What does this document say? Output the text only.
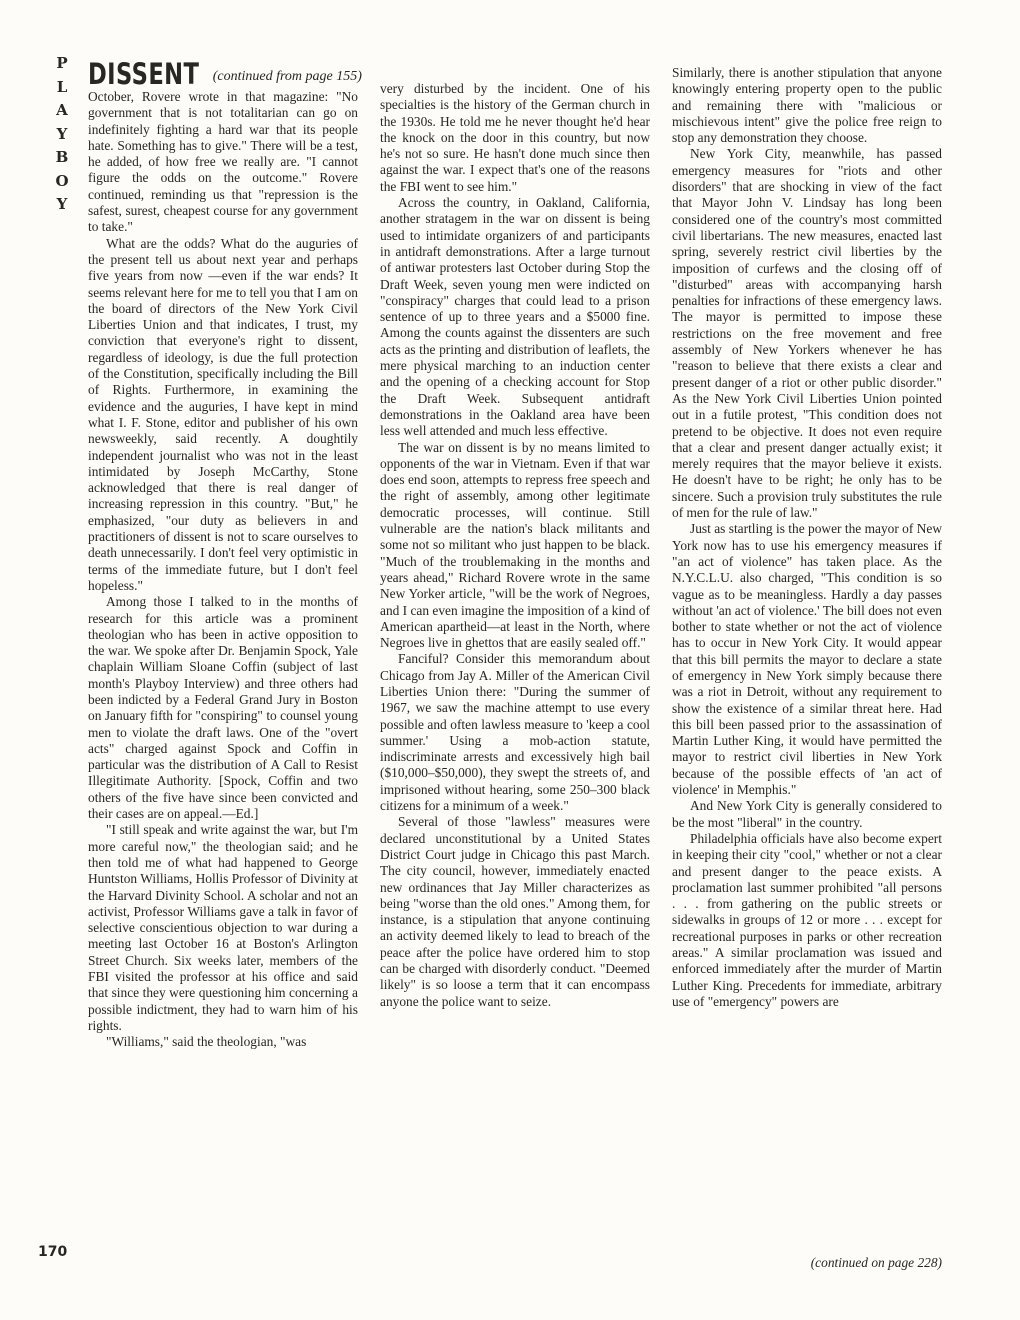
P
L
A
Y
B
O
Y
DISSENT (continued from page 155)

October, Rovere wrote in that magazine: "No government that is not totalitarian can go on indefinitely fighting a hard war that its people hate. Something has to give." There will be a test, he added, of how free we really are. "I cannot figure the odds on the outcome." Rovere continued, reminding us that "repression is the safest, surest, cheapest course for any government to take."

What are the odds? What do the auguries of the present tell us about next year and perhaps five years from now —even if the war ends? It seems relevant here for me to tell you that I am on the board of directors of the New York Civil Liberties Union and that indicates, I trust, my conviction that everyone's right to dissent, regardless of ideology, is due the full protection of the Constitution, specifically including the Bill of Rights. Furthermore, in examining the evidence and the auguries, I have kept in mind what I. F. Stone, editor and publisher of his own newsweekly, said recently. A doughtily independent journalist who was not in the least intimidated by Joseph McCarthy, Stone acknowledged that there is real danger of increasing repression in this country. "But," he emphasized, "our duty as believers in and practitioners of dissent is not to scare ourselves to death unnecessarily. I don't feel very optimistic in terms of the immediate future, but I don't feel hopeless."

Among those I talked to in the months of research for this article was a prominent theologian who has been in active opposition to the war. We spoke after Dr. Benjamin Spock, Yale chaplain William Sloane Coffin (subject of last month's Playboy Interview) and three others had been indicted by a Federal Grand Jury in Boston on January fifth for "conspiring" to counsel young men to violate the draft laws. One of the "overt acts" charged against Spock and Coffin in particular was the distribution of A Call to Resist Illegitimate Authority. [Spock, Coffin and two others of the five have since been convicted and their cases are on appeal.—Ed.]

"I still speak and write against the war, but I'm more careful now," the theologian said; and he then told me of what had happened to George Huntston Williams, Hollis Professor of Divinity at the Harvard Divinity School. A scholar and not an activist, Professor Williams gave a talk in favor of selective conscientious objection to war during a meeting last October 16 at Boston's Arlington Street Church. Six weeks later, members of the FBI visited the professor at his office and said that since they were questioning him concerning a possible indictment, they had to warn him of his rights.

"Williams," said the theologian, "was

very disturbed by the incident. One of his specialties is the history of the German church in the 1930s. He told me he never thought he'd hear the knock on the door in this country, but now he's not so sure. He hasn't done much since then against the war. I expect that's one of the reasons the FBI went to see him."

Across the country, in Oakland, California, another stratagem in the war on dissent is being used to intimidate organizers of and participants in antidraft demonstrations. After a large turnout of antiwar protesters last October during Stop the Draft Week, seven young men were indicted on "conspiracy" charges that could lead to a prison sentence of up to three years and a $5000 fine. Among the counts against the dissenters are such acts as the printing and distribution of leaflets, the mere physical marching to an induction center and the opening of a checking account for Stop the Draft Week. Subsequent antidraft demonstrations in the Oakland area have been less well attended and much less effective.

The war on dissent is by no means limited to opponents of the war in Vietnam. Even if that war does end soon, attempts to repress free speech and the right of assembly, among other legitimate democratic processes, will continue. Still vulnerable are the nation's black militants and some not so militant who just happen to be black. "Much of the troublemaking in the months and years ahead," Richard Rovere wrote in the same New Yorker article, "will be the work of Negroes, and I can even imagine the imposition of a kind of American apartheid—at least in the North, where Negroes live in ghettos that are easily sealed off."

Fanciful? Consider this memorandum about Chicago from Jay A. Miller of the American Civil Liberties Union there: "During the summer of 1967, we saw the machine attempt to use every possible and often lawless measure to 'keep a cool summer.' Using a mob-action statute, indiscriminate arrests and excessively high bail ($10,000–$50,000), they swept the streets of, and imprisoned without hearing, some 250–300 black citizens for a minimum of a week."

Several of those "lawless" measures were declared unconstitutional by a United States District Court judge in Chicago this past March. The city council, however, immediately enacted new ordinances that Jay Miller characterizes as being "worse than the old ones." Among them, for instance, is a stipulation that anyone continuing an activity deemed likely to lead to breach of the peace after the police have ordered him to stop can be charged with disorderly conduct. "Deemed likely" is so loose a term that it can encompass anyone the police want to seize.

Similarly, there is another stipulation that anyone knowingly entering property open to the public and remaining there with "malicious or mischievous intent" give the police free reign to stop any demonstration they choose.

New York City, meanwhile, has passed emergency measures for "riots and other disorders" that are shocking in view of the fact that Mayor John V. Lindsay has long been considered one of the country's most committed civil libertarians. The new measures, enacted last spring, severely restrict civil liberties by the imposition of curfews and the closing off of "disturbed" areas with accompanying harsh penalties for infractions of these emergency laws. The mayor is permitted to impose these restrictions on the free movement and free assembly of New Yorkers whenever he has "reason to believe that there exists a clear and present danger of a riot or other public disorder." As the New York Civil Liberties Union pointed out in a futile protest, "This condition does not pretend to be objective. It does not even require that a clear and present danger actually exist; it merely requires that the mayor believe it exists. He doesn't have to be right; he only has to be sincere. Such a provision truly substitutes the rule of men for the rule of law."

Just as startling is the power the mayor of New York now has to use his emergency measures if "an act of violence" has taken place. As the N.Y.C.L.U. also charged, "This condition is so vague as to be meaningless. Hardly a day passes without 'an act of violence.' The bill does not even bother to state whether or not the act of violence has to occur in New York City. It would appear that this bill permits the mayor to declare a state of emergency in New York simply because there was a riot in Detroit, without any requirement to show the existence of a similar threat here. Had this bill been passed prior to the assassination of Martin Luther King, it would have permitted the mayor to restrict civil liberties in New York because of the possible effects of 'an act of violence' in Memphis."

And New York City is generally considered to be the most "liberal" in the country.

Philadelphia officials have also become expert in keeping their city "cool," whether or not a clear and present danger to the peace exists. A proclamation last summer prohibited "all persons . . . from gathering on the public streets or sidewalks in groups of 12 or more . . . except for recreational purposes in parks or other recreation areas." A similar proclamation was issued and enforced immediately after the murder of Martin Luther King. Precedents for immediate, arbitrary use of "emergency" powers are

(continued on page 228)
170
